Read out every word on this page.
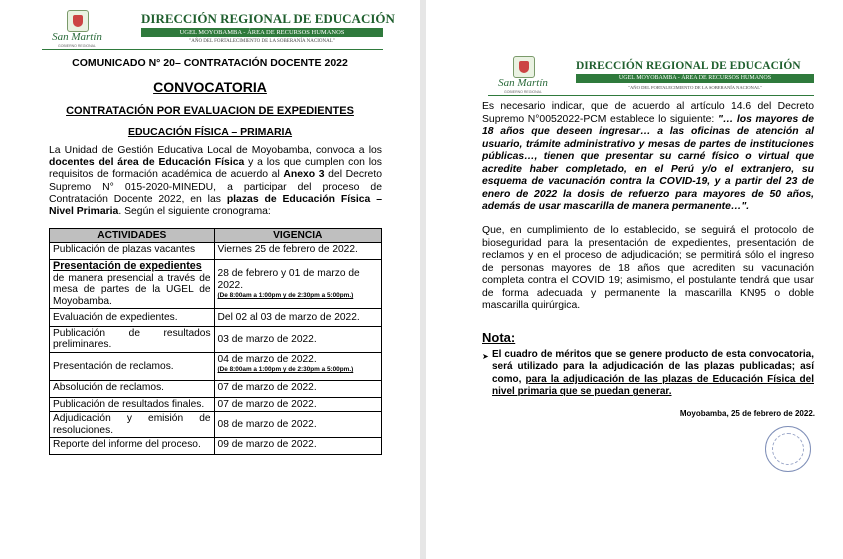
San Martín
GOBIERNO REGIONAL
DIRECCIÓN REGIONAL DE EDUCACIÓN
UGEL MOYOBAMBA - ÁREA DE RECURSOS HUMANOS
"AÑO DEL FORTALECIMIENTO DE LA SOBERANÍA NACIONAL"
COMUNICADO N° 20– CONTRATACIÓN DOCENTE 2022
CONVOCATORIA
CONTRATACIÓN POR EVALUACION DE EXPEDIENTES
EDUCACIÓN FÍSICA – PRIMARIA
La Unidad de Gestión Educativa Local de Moyobamba, convoca a los docentes del área de Educación Física y a los que cumplen con los requisitos de formación académica de acuerdo al Anexo 3 del Decreto Supremo N° 015-2020-MINEDU, a participar del proceso de Contratación Docente 2022, en las plazas de Educación Física – Nivel Primaria. Según el siguiente cronograma:
ACTIVIDADES	VIGENCIA
Publicación de plazas vacantes	Viernes 25 de febrero de 2022.
Presentación de expedientes
de manera presencial a través de mesa de partes de la UGEL de Moyobamba.	28 de febrero y 01 de marzo de 2022.
(De 8:00am a 1:00pm y de 2:30pm a 5:00pm.)

Evaluación de expedientes.	Del 02 al 03 de marzo de 2022.
Publicación de resultados preliminares.	03 de marzo de 2022.
Presentación de reclamos.	04 de marzo de 2022.
(De 8:00am a 1:00pm y de 2:30pm a 5:00pm.)

Absolución de reclamos.	07 de marzo de 2022.
Publicación de resultados finales.	07 de marzo de 2022.
Adjudicación y emisión de resoluciones.	08 de marzo de 2022.
Reporte del informe del proceso.	09 de marzo de 2022.
San Martín
GOBIERNO REGIONAL
DIRECCIÓN REGIONAL DE EDUCACIÓN
UGEL MOYOBAMBA - ÁREA DE RECURSOS HUMANOS
"AÑO DEL FORTALECIMIENTO DE LA SOBERANÍA NACIONAL"
Es necesario indicar, que de acuerdo al artículo 14.6 del Decreto Supremo N°0052022-PCM establece lo siguiente: "… los mayores de 18 años que deseen ingresar… a las oficinas de atención al usuario, trámite administrativo y mesas de partes de instituciones públicas…, tienen que presentar su carné físico o virtual que acredite haber completado, en el Perú y/o el extranjero, su esquema de vacunación contra la COVID-19, y a partir del 23 de enero de 2022 la dosis de refuerzo para mayores de 50 años, además de usar mascarilla de manera permanente…".
Que, en cumplimiento de lo establecido, se seguirá el protocolo de bioseguridad para la presentación de expedientes, presentación de reclamos y en el proceso de adjudicación; se permitirá sólo el ingreso de personas mayores de 18 años que acrediten su vacunación completa contra el COVID 19; asimismo, el postulante tendrá que usar de forma adecuada y permanente la mascarilla KN95 o doble mascarilla quirúrgica.
Nota:
➤ El cuadro de méritos que se genere producto de esta convocatoria, será utilizado para la adjudicación de las plazas publicadas; así como, para la adjudicación de las plazas de Educación Física del nivel primaria que se puedan generar.
Moyobamba, 25 de febrero de 2022.
